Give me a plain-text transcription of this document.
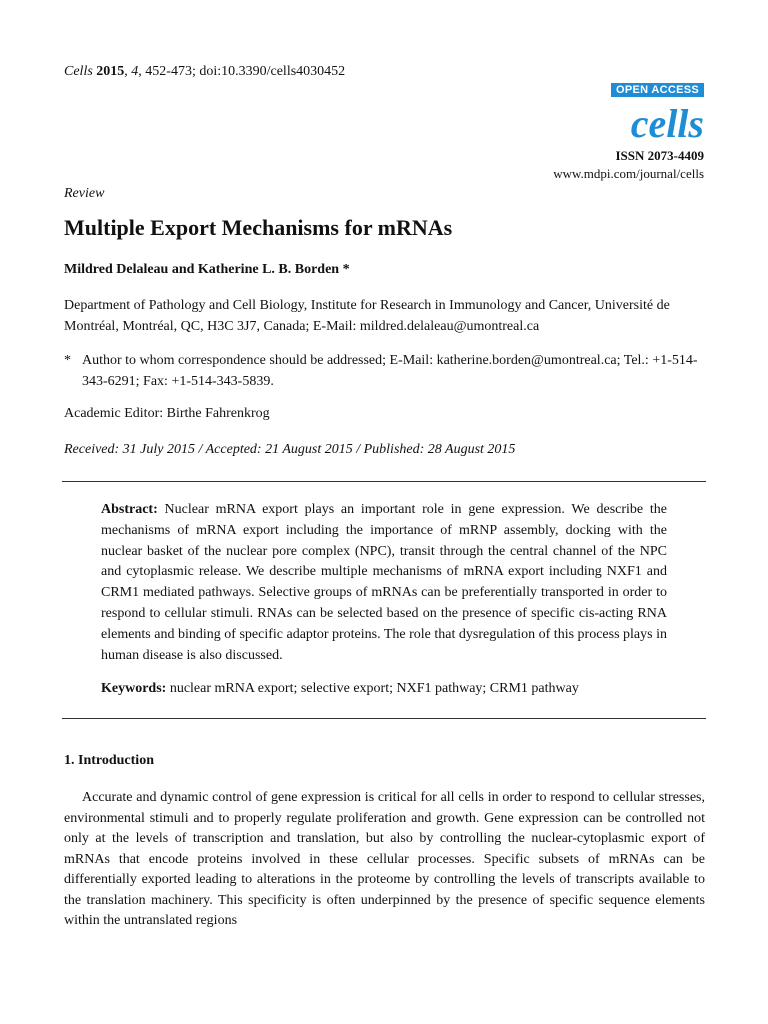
Cells 2015, 4, 452-473; doi:10.3390/cells4030452
OPEN ACCESS
cells
ISSN 2073-4409
www.mdpi.com/journal/cells
Review
Multiple Export Mechanisms for mRNAs
Mildred Delaleau and Katherine L. B. Borden *
Department of Pathology and Cell Biology, Institute for Research in Immunology and Cancer, Université de Montréal, Montréal, QC, H3C 3J7, Canada; E-Mail: mildred.delaleau@umontreal.ca
* Author to whom correspondence should be addressed; E-Mail: katherine.borden@umontreal.ca; Tel.: +1-514-343-6291; Fax: +1-514-343-5839.
Academic Editor: Birthe Fahrenkrog
Received: 31 July 2015 / Accepted: 21 August 2015 / Published: 28 August 2015
Abstract: Nuclear mRNA export plays an important role in gene expression. We describe the mechanisms of mRNA export including the importance of mRNP assembly, docking with the nuclear basket of the nuclear pore complex (NPC), transit through the central channel of the NPC and cytoplasmic release. We describe multiple mechanisms of mRNA export including NXF1 and CRM1 mediated pathways. Selective groups of mRNAs can be preferentially transported in order to respond to cellular stimuli. RNAs can be selected based on the presence of specific cis-acting RNA elements and binding of specific adaptor proteins. The role that dysregulation of this process plays in human disease is also discussed.
Keywords: nuclear mRNA export; selective export; NXF1 pathway; CRM1 pathway
1. Introduction
Accurate and dynamic control of gene expression is critical for all cells in order to respond to cellular stresses, environmental stimuli and to properly regulate proliferation and growth. Gene expression can be controlled not only at the levels of transcription and translation, but also by controlling the nuclear-cytoplasmic export of mRNAs that encode proteins involved in these cellular processes. Specific subsets of mRNAs can be differentially exported leading to alterations in the proteome by controlling the levels of transcripts available to the translation machinery. This specificity is often underpinned by the presence of specific sequence elements within the untranslated regions
